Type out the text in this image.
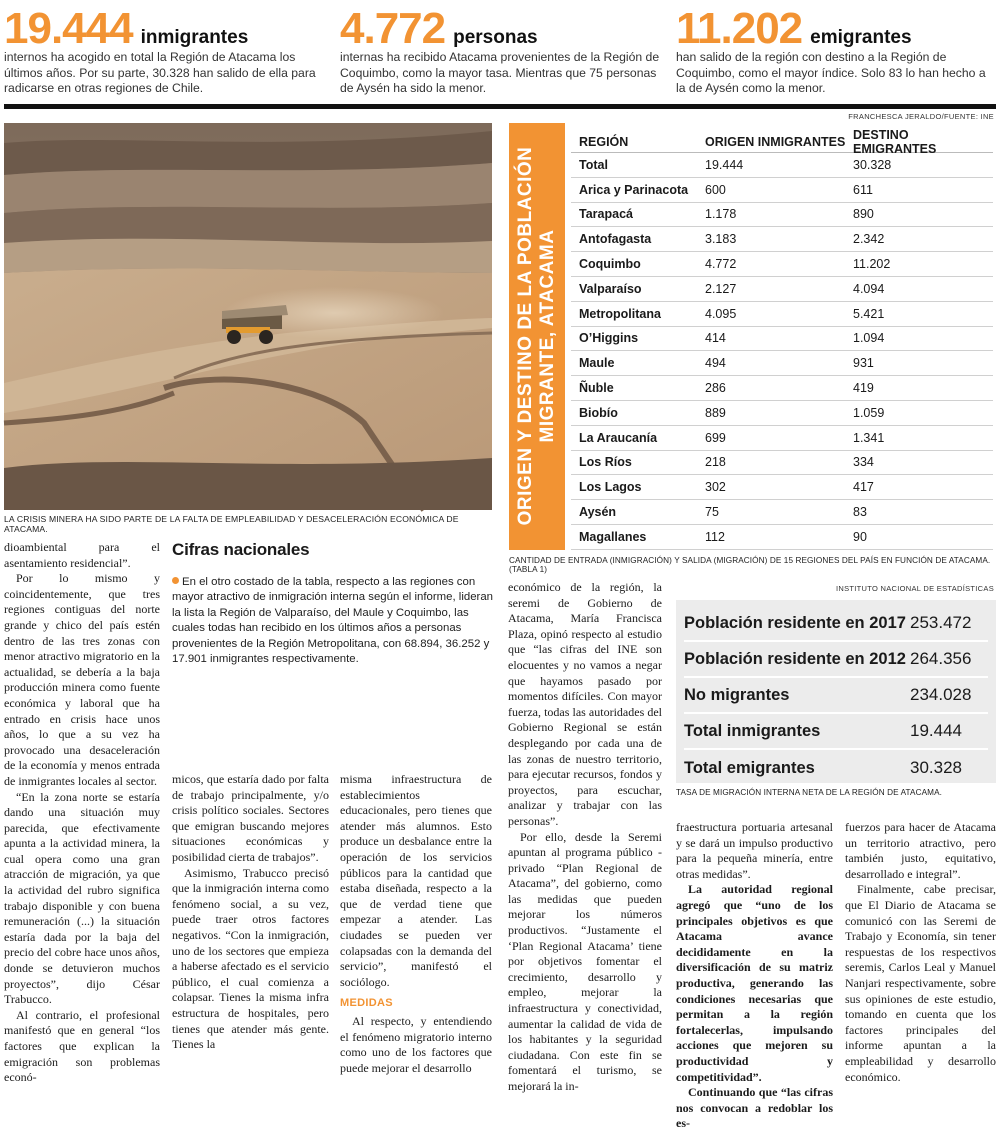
19.444 inmigrantes
internos ha acogido en total la Región de Atacama los últimos años. Por su parte, 30.328 han salido de ella para radicarse en otras regiones de Chile.
4.772 personas
internas ha recibido Atacama provenientes de la Región de Coquimbo, como la mayor tasa. Mientras que 75 personas de Aysén ha sido la menor.
11.202 emigrantes
han salido de la región con destino a la Región de Coquimbo, como el mayor índice. Solo 83 lo han hecho a la de Aysén como la menor.
FRANCHESCA JERALDO/FUENTE: INE
LA CRISIS MINERA HA SIDO PARTE DE LA FALTA DE EMPLEABILIDAD Y DESACELERACIÓN ECONÓMICA DE ATACAMA.
ORIGEN Y DESTINO DE LA POBLACIÓN MIGRANTE, ATACAMA
REGIÓN	ORIGEN INMIGRANTES DESTINO EMIGRANTES
Total	19.444	30.328
Arica y Parinacota	600	611
Tarapacá	1.178	890
Antofagasta	3.183	2.342
Coquimbo	4.772	11.202
Valparaíso	2.127	4.094
Metropolitana	4.095	5.421
O’Higgins	414	1.094
Maule	494	931
Ñuble	286	419
Biobío	889	1.059
La Araucanía	699	1.341
Los Ríos	218	334
Los Lagos	302	417
Aysén	75	83
Magallanes	112	90
CANTIDAD DE ENTRADA (INMIGRACIÓN) Y SALIDA (MIGRACIÓN) DE 15 REGIONES DEL PAÍS EN FUNCIÓN DE ATACAMA. (TABLA 1)
INSTITUTO NACIONAL DE ESTADÍSTICAS
Población residente en 2017 253.472
Población residente en 2012 264.356
No migrantes	234.028
Total inmigrantes	19.444
Total emigrantes	30.328
TASA DE MIGRACIÓN INTERNA NETA DE LA REGIÓN DE ATACAMA.
Cifras nacionales
En el otro costado de la tabla, respecto a las regiones con mayor atractivo de inmigración interna según el informe, lideran la lista la Región de Valparaíso, del Maule y Coquimbo, las cuales todas han recibido en los últimos años a personas provenientes de la Región Metropolitana, con 68.894, 36.252 y 17.901 inmigrantes respectivamente.

dioambiental para el asentamiento residencial”.

Por lo mismo y coincidentemente, que tres regiones contiguas del norte grande y chico del país estén dentro de las tres zonas con menor atractivo migratorio en la actualidad, se debería a la baja producción minera como fuente económica y laboral que ha entrado en crisis hace unos años, lo que a su vez ha provocado una desaceleración de la economía y menos entrada de inmigrantes locales al sector.

“En la zona norte se estaría dando una situación muy parecida, que efectivamente apunta a la actividad minera, la cual opera como una gran atracción de migración, ya que la actividad del rubro significa trabajo disponible y con buena remuneración (...) la situación estaría dada por la baja del precio del cobre hace unos años, donde se detuvieron muchos proyectos”, dijo César Trabucco.

Al contrario, el profesional manifestó que en general “los factores que explican la emigración son problemas econó-

micos, que estaría dado por falta de trabajo principalmente, y/o crisis político sociales. Sectores que emigran buscando mejores situaciones económicas y posibilidad cierta de trabajos”.

Asimismo, Trabucco precisó que la inmigración interna como fenómeno social, a su vez, puede traer otros factores negativos. “Con la inmigración, uno de los sectores que empieza a haberse afectado es el servicio público, el cual comienza a colapsar. Tienes la misma infra estructura de hospitales, pero tienes que atender más gente. Tienes la

misma infraestructura de establecimientos educacionales, pero tienes que atender más alumnos. Esto produce un desbalance entre la operación de los servicios públicos para la cantidad que estaba diseñada, respecto a la que de verdad tiene que empezar a atender. Las ciudades se pueden ver colapsadas con la demanda del servicio”, manifestó el sociólogo.

MEDIDAS

Al respecto, y entendiendo el fenómeno migratorio interno como uno de los factores que puede mejorar el desarrollo

económico de la región, la seremi de Gobierno de Atacama, María Francisca Plaza, opinó respecto al estudio que “las cifras del INE son elocuentes y no vamos a negar que hayamos pasado por momentos difíciles. Con mayor fuerza, todas las autoridades del Gobierno Regional se están desplegando por cada una de las zonas de nuestro territorio, para ejecutar recursos, fondos y proyectos, para escuchar, analizar y trabajar con las personas”.

Por ello, desde la Seremi apuntan al programa público - privado “Plan Regional de Atacama”, del gobierno, como las medidas que pueden mejorar los números productivos. “Justamente el ‘Plan Regional Atacama’ tiene por objetivos fomentar el crecimiento, desarrollo y empleo, mejorar la infraestructura y conectividad, aumentar la calidad de vida de los habitantes y la seguridad ciudadana. Con este fin se fomentará el turismo, se mejorará la in-

fraestructura portuaria artesanal y se dará un impulso productivo para la pequeña minería, entre otras medidas”.

La autoridad regional agregó que “uno de los principales objetivos es que Atacama avance decididamente en la diversificación de su matriz productiva, generando las condiciones necesarias que permitan a la región fortalecerlas, impulsando acciones que mejoren su productividad y competitividad”.

Continuando que “las cifras nos convocan a redoblar los es-

fuerzos para hacer de Atacama un territorio atractivo, pero también justo, equitativo, desarrollado e integral”.

Finalmente, cabe precisar, que El Diario de Atacama se comunicó con las Seremi de Trabajo y Economía, sin tener respuestas de los respectivos seremis, Carlos Leal y Manuel Nanjari respectivamente, sobre sus opiniones de este estudio, tomando en cuenta que los factores principales del informe apuntan a la empleabilidad y desarrollo económico.
